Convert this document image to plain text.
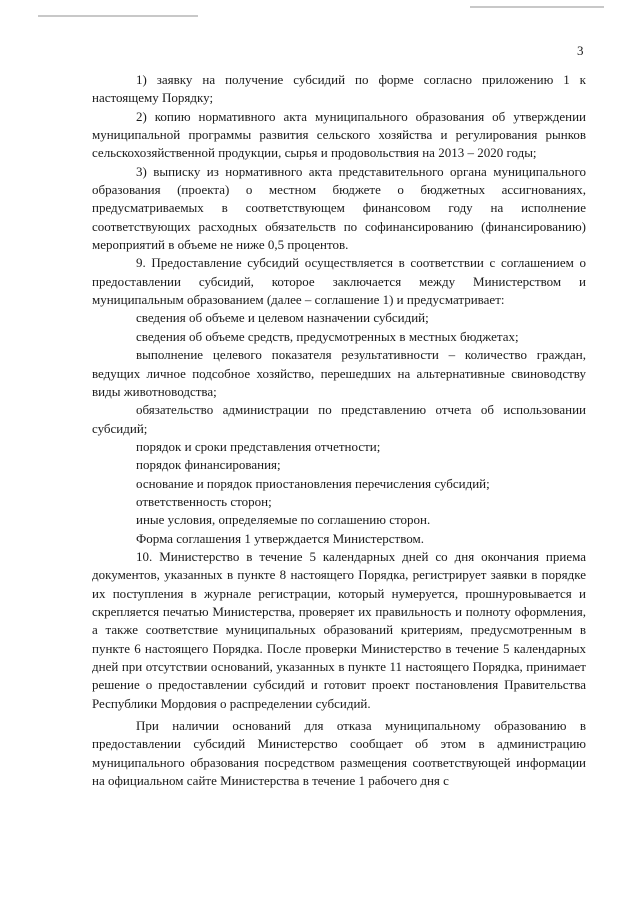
3

1) заявку на получение субсидий по форме согласно приложению 1 к настоящему Порядку;

2) копию нормативного акта муниципального образования об утверждении муниципальной программы развития сельского хозяйства и регулирования рынков сельскохозяйственной продукции, сырья и продовольствия на 2013 – 2020 годы;

3) выписку из нормативного акта представительного органа муниципального образования (проекта) о местном бюджете о бюджетных ассигнованиях, предусматриваемых в соответствующем финансовом году на исполнение соответствующих расходных обязательств по софинансированию (финансированию) мероприятий в объеме не ниже 0,5 процентов.

9. Предоставление субсидий осуществляется в соответствии с соглашением о предоставлении субсидий, которое заключается между Министерством и муниципальным образованием (далее – соглашение 1) и предусматривает:

сведения об объеме и целевом назначении субсидий;

сведения об объеме средств, предусмотренных в местных бюджетах;

выполнение целевого показателя результативности – количество граждан, ведущих личное подсобное хозяйство, перешедших на альтернативные свиноводству виды животноводства;

обязательство администрации по представлению отчета об использовании субсидий;

порядок и сроки представления отчетности;

порядок финансирования;

основание и порядок приостановления перечисления субсидий;

ответственность сторон;

иные условия, определяемые по соглашению сторон.

Форма соглашения 1 утверждается Министерством.

10. Министерство в течение 5 календарных дней со дня окончания приема документов, указанных в пункте 8 настоящего Порядка, регистрирует заявки в порядке их поступления в журнале регистрации, который нумеруется, прошнуровывается и скрепляется печатью Министерства, проверяет их правильность и полноту оформления, а также соответствие муниципальных образований критериям, предусмотренным в пункте 6 настоящего Порядка. После проверки Министерство в течение 5 календарных дней при отсутствии оснований, указанных в пункте 11 настоящего Порядка, принимает решение о предоставлении субсидий и готовит проект постановления Правительства Республики Мордовия о распределении субсидий.

При наличии оснований для отказа муниципальному образованию в предоставлении субсидий Министерство сообщает об этом в администрацию муниципального образования посредством размещения соответствующей информации на официальном сайте Министерства в течение 1 рабочего дня с
